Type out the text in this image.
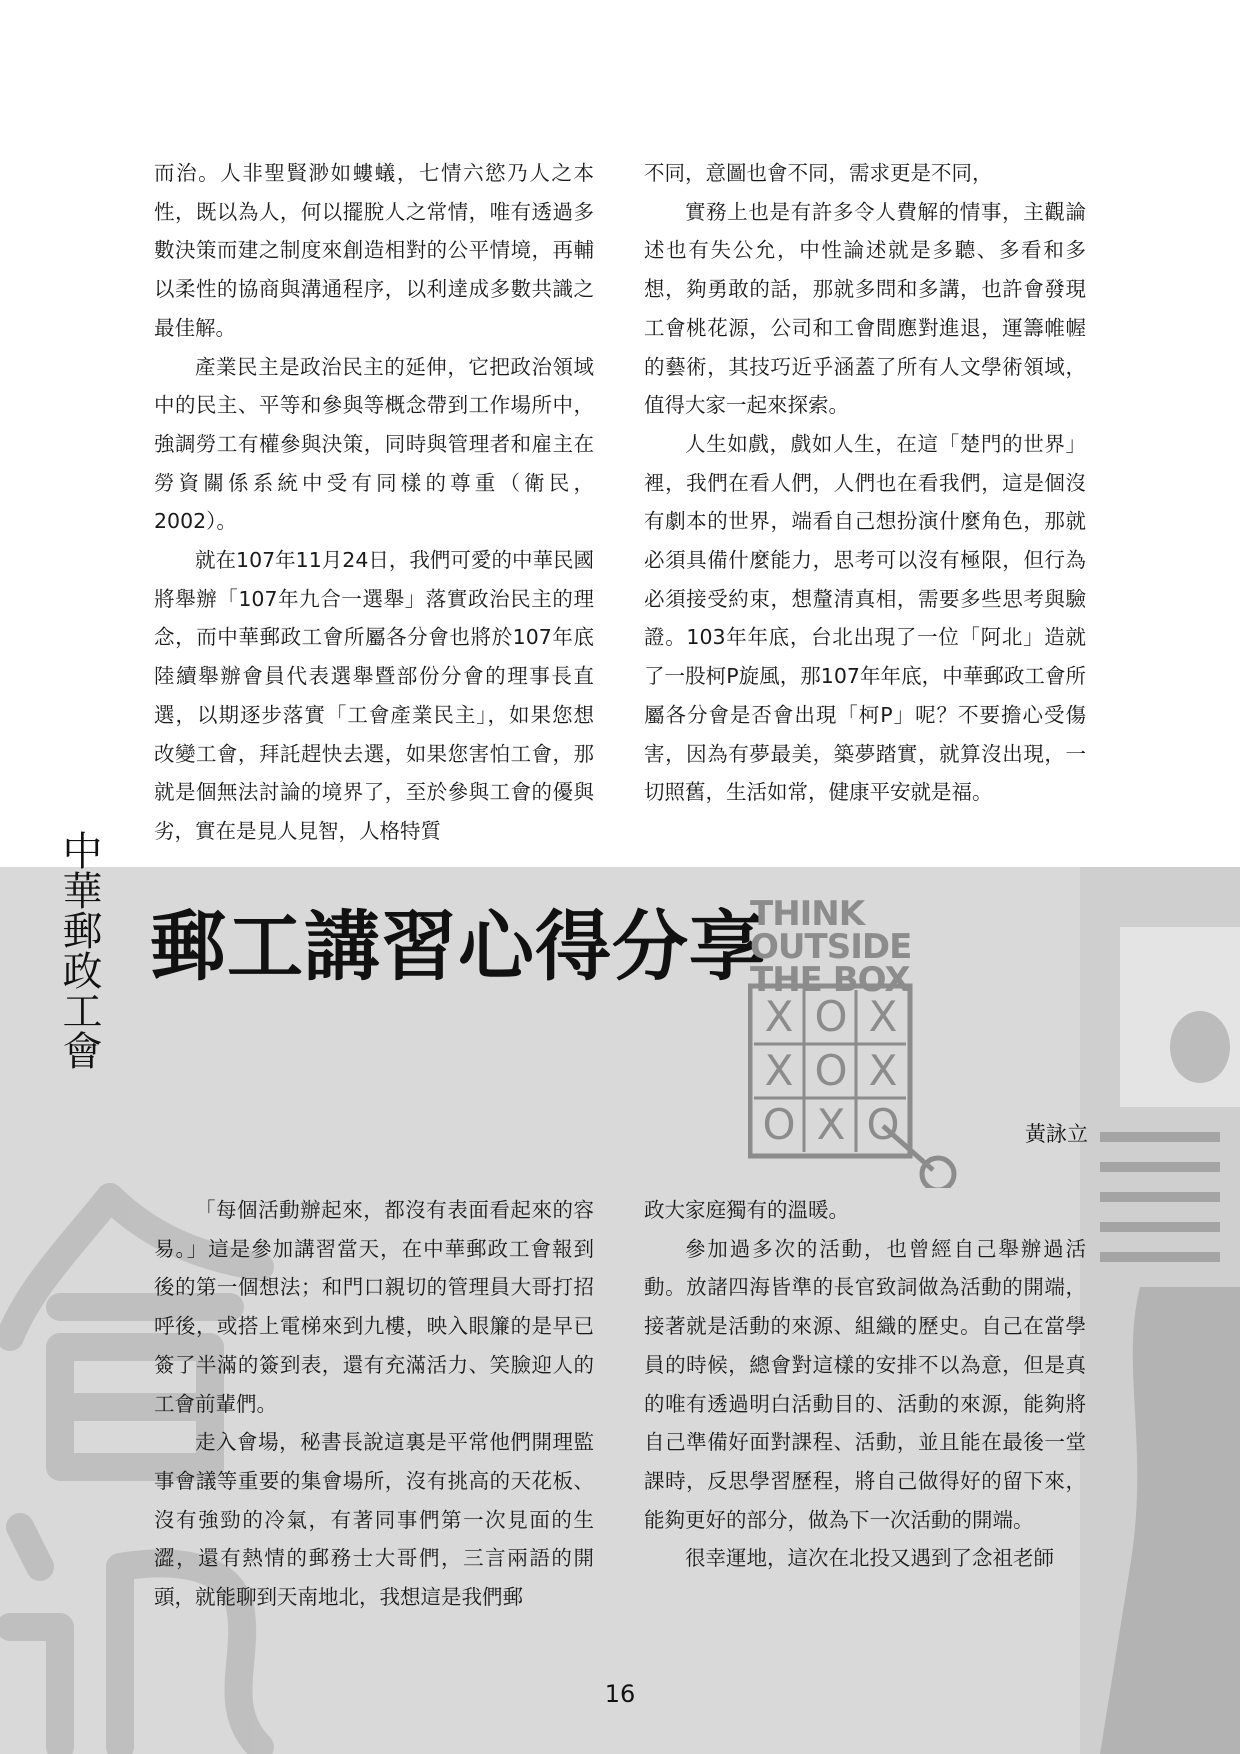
而治。人非聖賢渺如螻蟻，七情六慾乃人之本性，既以為人，何以擺脫人之常情，唯有透過多數決策而建之制度來創造相對的公平情境，再輔以柔性的協商與溝通程序，以利達成多數共識之最佳解。

產業民主是政治民主的延伸，它把政治領域中的民主、平等和參與等概念帶到工作場所中，強調勞工有權參與決策，同時與管理者和雇主在勞資關係系統中受有同樣的尊重（衛民，2002）。

就在107年11月24日，我們可愛的中華民國將舉辦「107年九合一選舉」落實政治民主的理念，而中華郵政工會所屬各分會也將於107年底陸續舉辦會員代表選舉暨部份分會的理事長直選，以期逐步落實「工會產業民主」，如果您想改變工會，拜託趕快去選，如果您害怕工會，那就是個無法討論的境界了，至於參與工會的優與劣，實在是見人見智，人格特質

不同，意圖也會不同，需求更是不同，

實務上也是有許多令人費解的情事，主觀論述也有失公允，中性論述就是多聽、多看和多想，夠勇敢的話，那就多問和多講，也許會發現工會桃花源，公司和工會間應對進退，運籌帷幄的藝術，其技巧近乎涵蓋了所有人文學術領域，值得大家一起來探索。

人生如戲，戲如人生，在這「楚門的世界」裡，我們在看人們，人們也在看我們，這是個沒有劇本的世界，端看自己想扮演什麼角色，那就必須具備什麼能力，思考可以沒有極限，但行為必須接受約束，想釐清真相，需要多些思考與驗證。103年年底，台北出現了一位「阿北」造就了一股柯P旋風，那107年年底，中華郵政工會所屬各分會是否會出現「柯P」呢？不要擔心受傷害，因為有夢最美，築夢踏實，就算沒出現，一切照舊，生活如常，健康平安就是福。

中華郵政工會 郵工講習心得分享
THINK
OUTSIDE
THE BOX
X O X
X O X
O X O	黃詠立

「每個活動辦起來，都沒有表面看起來的容易。」這是參加講習當天，在中華郵政工會報到後的第一個想法；和門口親切的管理員大哥打招呼後，或搭上電梯來到九樓，映入眼簾的是早已簽了半滿的簽到表，還有充滿活力、笑臉迎人的工會前輩們。

走入會場，秘書長說這裏是平常他們開理監事會議等重要的集會場所，沒有挑高的天花板、沒有強勁的冷氣，有著同事們第一次見面的生澀，還有熱情的郵務士大哥們，三言兩語的開頭，就能聊到天南地北，我想這是我們郵

政大家庭獨有的溫暖。

參加過多次的活動，也曾經自己舉辦過活動。放諸四海皆準的長官致詞做為活動的開端，接著就是活動的來源、組織的歷史。自己在當學員的時候，總會對這樣的安排不以為意，但是真的唯有透過明白活動目的、活動的來源，能夠將自己準備好面對課程、活動，並且能在最後一堂課時，反思學習歷程，將自己做得好的留下來，能夠更好的部分，做為下一次活動的開端。

很幸運地，這次在北投又遇到了念祖老師

16
